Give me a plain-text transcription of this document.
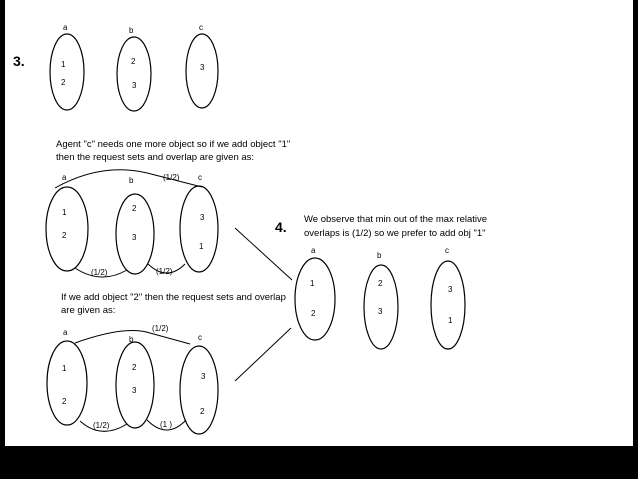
3.
a
1
2
b
2
3
c
3
Agent "c" needs one more object so if we add object "1"
then the request sets and overlap are given as:
a	b	c
1
2
2
3
3
1
(1/2)
(1/2)	(1/2)
If we add object "2" then the request sets and overlap
are given as:
a
b	c
1
2
2
3
3
2
(1/2)
(1/2)	(1 )
4. We observe that min out of the max relative
overlaps is (1/2) so we prefer to add obj "1"
a
b
c
1
2
2
3
3
1
